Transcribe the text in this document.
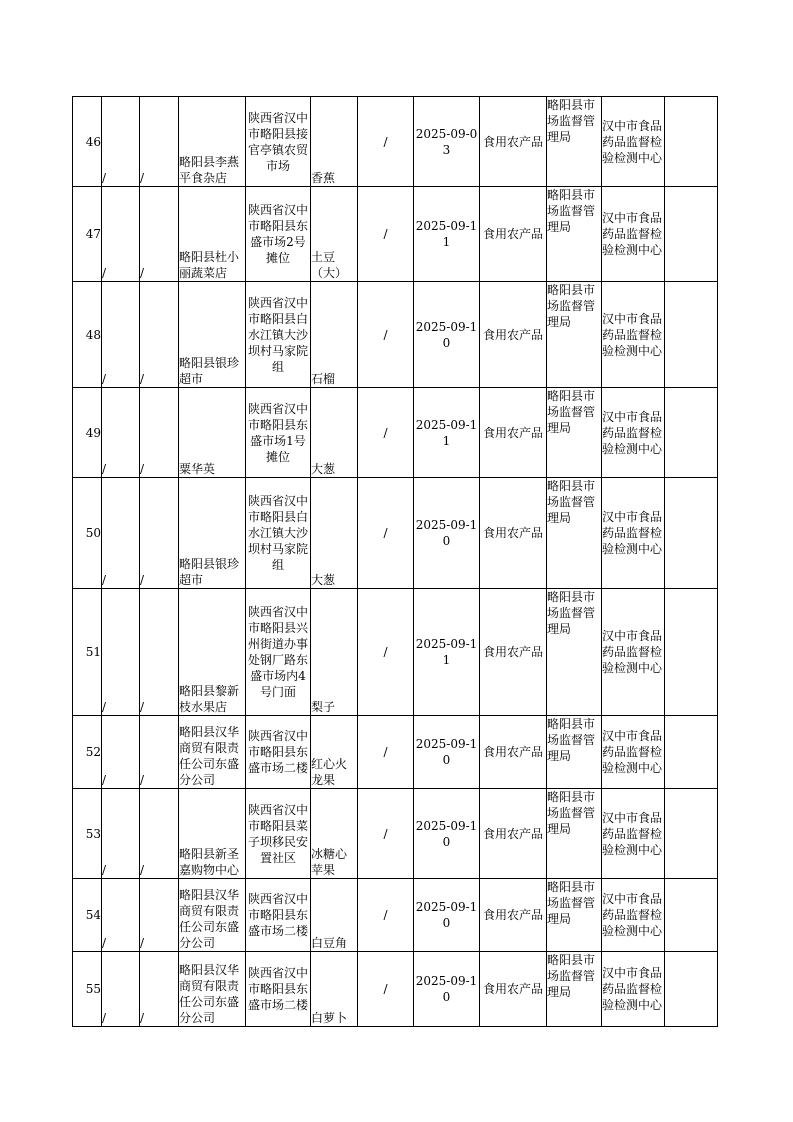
46	/	/	略阳县李燕平食杂店	陕西省汉中市略阳县接官亭镇农贸市场	香蕉	/	2025-09-03	食用农产品	略阳县市场监督管理局	汉中市食品药品监督检验检测中心	
47	/	/	略阳县杜小丽蔬菜店	陕西省汉中市略阳县东盛市场2号摊位	土豆（大）	/	2025-09-11	食用农产品	略阳县市场监督管理局	汉中市食品药品监督检验检测中心	
48	/	/	略阳县银珍超市	陕西省汉中市略阳县白水江镇大沙坝村马家院组	石榴	/	2025-09-10	食用农产品	略阳县市场监督管理局	汉中市食品药品监督检验检测中心	
49	/	/	粟华英	陕西省汉中市略阳县东盛市场1号摊位	大葱	/	2025-09-11	食用农产品	略阳县市场监督管理局	汉中市食品药品监督检验检测中心	
50	/	/	略阳县银珍超市	陕西省汉中市略阳县白水江镇大沙坝村马家院组	大葱	/	2025-09-10	食用农产品	略阳县市场监督管理局	汉中市食品药品监督检验检测中心	
51	/	/	略阳县黎新枝水果店	陕西省汉中市略阳县兴州街道办事处钢厂路东盛市场内4号门面	梨子	/	2025-09-11	食用农产品	略阳县市场监督管理局	汉中市食品药品监督检验检测中心	
52	/	/	略阳县汉华商贸有限责任公司东盛分公司	陕西省汉中市略阳县东盛市场二楼	红心火龙果	/	2025-09-10	食用农产品	略阳县市场监督管理局	汉中市食品药品监督检验检测中心	
53	/	/	略阳县新圣嘉购物中心	陕西省汉中市略阳县菜子坝移民安置社区	冰糖心苹果	/	2025-09-10	食用农产品	略阳县市场监督管理局	汉中市食品药品监督检验检测中心	
54	/	/	略阳县汉华商贸有限责任公司东盛分公司	陕西省汉中市略阳县东盛市场二楼	白豆角	/	2025-09-10	食用农产品	略阳县市场监督管理局	汉中市食品药品监督检验检测中心	
55	/	/	略阳县汉华商贸有限责任公司东盛分公司	陕西省汉中市略阳县东盛市场二楼	白萝卜	/	2025-09-10	食用农产品	略阳县市场监督管理局	汉中市食品药品监督检验检测中心	
